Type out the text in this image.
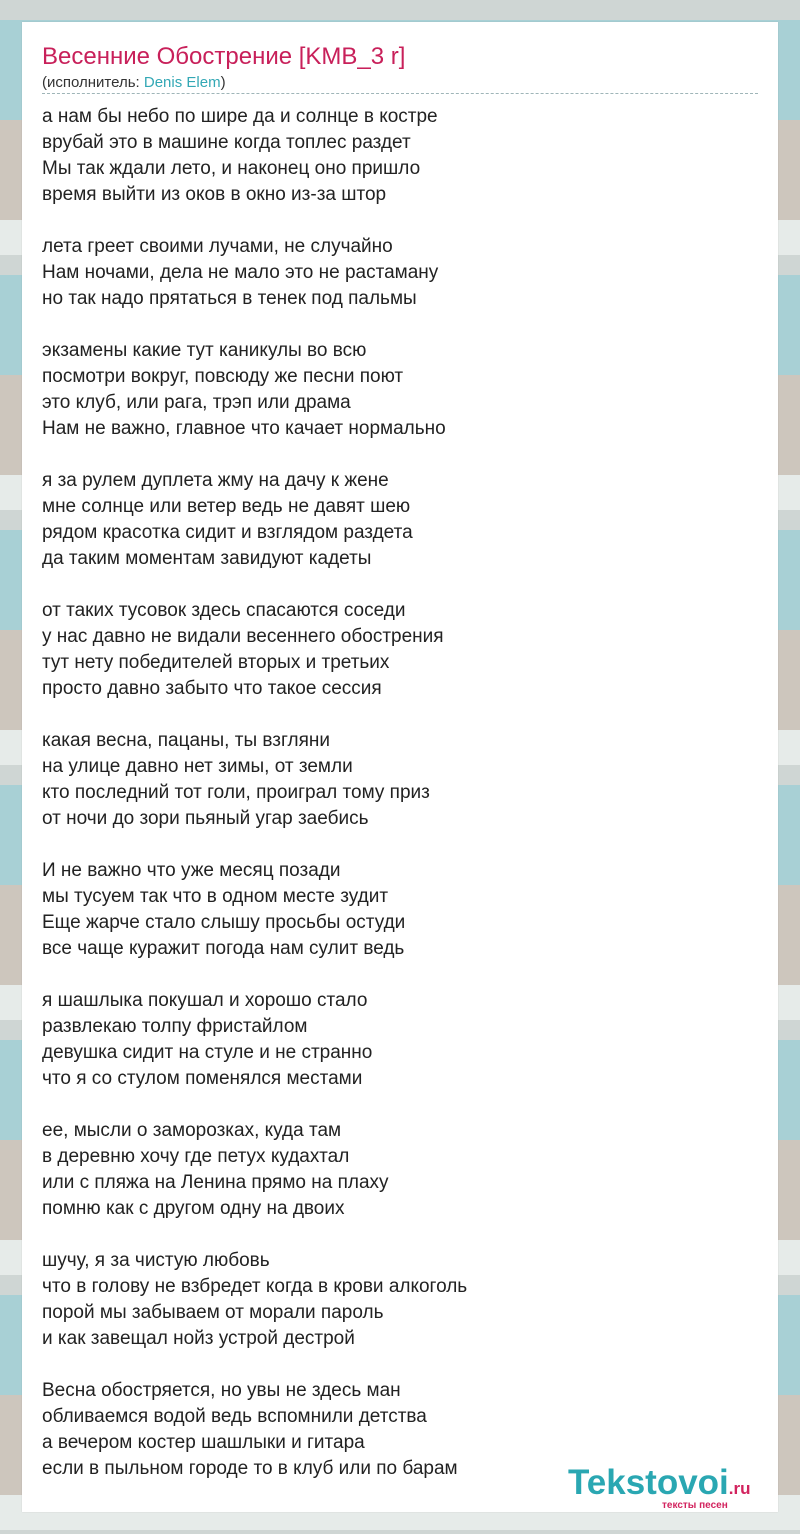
Весенние Обострение [KMB_3 r]
(исполнитель: Denis Elem)
а нам бы небо по шире да и солнце в костре
врубай это в машине когда топлес раздет
Мы так ждали лето, и наконец оно пришло
время выйти из оков в окно из-за штор
лета греет своими лучами, не случайно
Нам ночами, дела не мало это не растаману
но так надо прятаться в тенек под пальмы
экзамены какие тут каникулы во всю
посмотри вокруг, повсюду же песни поют
это клуб, или рага, трэп или драма
Нам не важно, главное что качает нормально
я за рулем дуплета жму на дачу к жене
мне солнце или ветер ведь не давят шею
рядом красотка сидит и взглядом раздета
да таким моментам завидуют кадеты
от таких тусовок здесь спасаются соседи
у нас давно не видали весеннего обострения
тут нету победителей вторых и третьих
просто давно забыто что такое сессия
какая весна, пацаны, ты взгляни
на улице давно нет зимы, от земли
кто последний тот голи, проиграл тому приз
от ночи до зори пьяный угар заебись
И не важно что уже месяц позади
мы тусуем так что в одном месте зудит
Еще жарче стало слышу просьбы остуди
все чаще куражит погода нам сулит ведь
я шашлыка покушал и хорошо стало
развлекаю толпу фристайлом
девушка сидит на стуле и не странно
что я со стулом поменялся местами
ее, мысли о заморозках, куда там
в деревню хочу где петух кудахтал
или с пляжа на Ленина прямо на плаху
помню как с другом одну на двоих
шучу, я за чистую любовь
что в голову не взбредет когда в крови алкоголь
порой мы забываем от морали пароль
и как завещал нойз устрой дестрой
Весна обостряется, но увы не здесь ман
обливаемся водой ведь вспомнили детства
а вечером костер шашлыки и гитара
если в пыльном городе то в клуб или по барам	Tekstovoi.ru
тексты песен
